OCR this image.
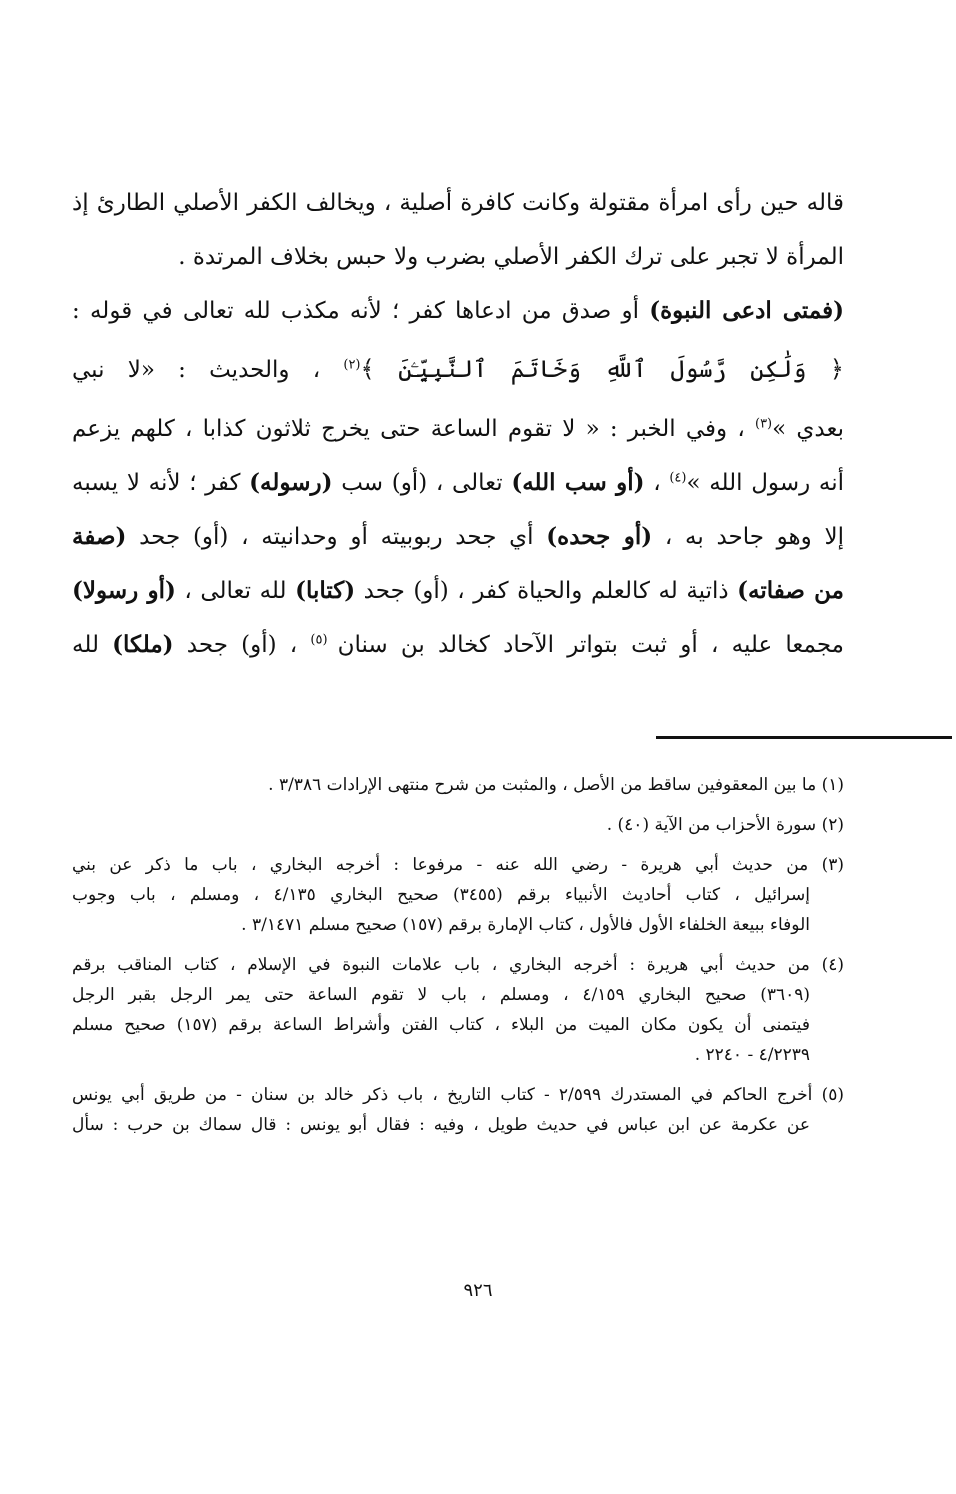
قاله حين رأى امرأة مقتولة وكانت كافرة أصلية ، ويخالف الكفر الأصلي الطارئ إذ
المرأة لا تجبر على ترك الكفر الأصلي بضرب ولا حبس بخلاف المرتدة .
(فمتى ادعى النبوة) أو صدق من ادعاها كفر ؛ لأنه مكذب لله تعالى في قوله :
﴿ وَلَٰكِن رَّسُولَ ٱللَّهِ وَخَاتَمَ ٱلنَّبِيِّـۧنَ ﴾$^{(٢)}$ ، والحديث : «لا نبي
بعدي »$^{(٣)}$ ، وفي الخبر : « لا تقوم الساعة حتى يخرج ثلاثون كذابا ، كلهم يزعم
أنه رسول الله »$^{(٤)}$ ، (أو سب الله) تعالى ، (أو) سب (رسوله) كفر ؛ لأنه لا يسبه
إلا وهو جاحد به ، (أو جحده) أي جحد ربوبيته أو وحدانيته ، (أو) جحد (صفة
من صفاته) ذاتية له كالعلم والحياة كفر ، (أو) جحد (كتابا) لله تعالى ، (أو رسولا)
مجمعا عليه ، أو ثبت بتواتر الآحاد كخالد بن سنان $^{(٥)}$ ، (أو) جحد (ملكا) لله
(١) ما بين المعقوفين ساقط من الأصل ، والمثبت من شرح منتهى الإرادات ٣/٣٨٦ .
(٢) سورة الأحزاب من الآية (٤٠) .
(٣) من حديث أبي هريرة - رضي الله عنه - مرفوعا : أخرجه البخاري ، باب ما ذكر عن بني
إسرائيل ، كتاب أحاديث الأنبياء برقم (٣٤٥٥) صحيح البخاري ٤/١٣٥ ، ومسلم ، باب وجوب
الوفاء ببيعة الخلفاء الأول فالأول ، كتاب الإمارة برقم (١٥٧) صحيح مسلم ٣/١٤٧١ .
(٤) من حديث أبي هريرة : أخرجه البخاري ، باب علامات النبوة في الإسلام ، كتاب المناقب برقم
(٣٦٠٩) صحيح البخاري ٤/١٥٩ ، ومسلم ، باب لا تقوم الساعة حتى يمر الرجل بقبر الرجل
فيتمنى أن يكون مكان الميت من البلاء ، كتاب الفتن وأشراط الساعة برقم (١٥٧) صحيح مسلم
٤/٢٢٣٩ - ٢٢٤٠ .
(٥) أخرج الحاكم في المستدرك ٢/٥٩٩ - كتاب التاريخ ، باب ذكر خالد بن سنان - من طريق أبي يونس
عن عكرمة عن ابن عباس في حديث طويل ، وفيه : فقال أبو يونس : قال سماك بن حرب : سأل
٩٢٦
